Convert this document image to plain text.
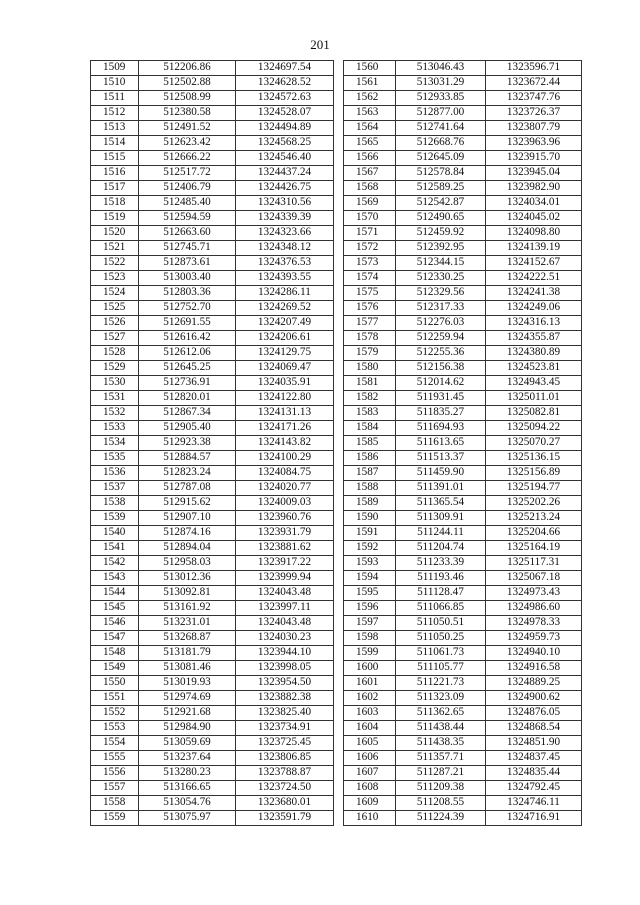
201
1509	512206.86	1324697.54
1510	512502.88	1324628.52
1511	512508.99	1324572.63
1512	512380.58	1324528.07
1513	512491.52	1324494.89
1514	512623.42	1324568.25
1515	512666.22	1324546.40
1516	512517.72	1324437.24
1517	512406.79	1324426.75
1518	512485.40	1324310.56
1519	512594.59	1324339.39
1520	512663.60	1324323.66
1521	512745.71	1324348.12
1522	512873.61	1324376.53
1523	513003.40	1324393.55
1524	512803.36	1324286.11
1525	512752.70	1324269.52
1526	512691.55	1324207.49
1527	512616.42	1324206.61
1528	512612.06	1324129.75
1529	512645.25	1324069.47
1530	512736.91	1324035.91
1531	512820.01	1324122.80
1532	512867.34	1324131.13
1533	512905.40	1324171.26
1534	512923.38	1324143.82
1535	512884.57	1324100.29
1536	512823.24	1324084.75
1537	512787.08	1324020.77
1538	512915.62	1324009.03
1539	512907.10	1323960.76
1540	512874.16	1323931.79
1541	512894.04	1323881.62
1542	512958.03	1323917.22
1543	513012.36	1323999.94
1544	513092.81	1324043.48
1545	513161.92	1323997.11
1546	513231.01	1324043.48
1547	513268.87	1324030.23
1548	513181.79	1323944.10
1549	513081.46	1323998.05
1550	513019.93	1323954.50
1551	512974.69	1323882.38
1552	512921.68	1323825.40
1553	512984.90	1323734.91
1554	513059.69	1323725.45
1555	513237.64	1323806.85
1556	513280.23	1323788.87
1557	513166.65	1323724.50
1558	513054.76	1323680.01
1559	513075.97	1323591.79
1560	513046.43	1323596.71
1561	513031.29	1323672.44
1562	512933.85	1323747.76
1563	512877.00	1323726.37
1564	512741.64	1323807.79
1565	512668.76	1323963.96
1566	512645.09	1323915.70
1567	512578.84	1323945.04
1568	512589.25	1323982.90
1569	512542.87	1324034.01
1570	512490.65	1324045.02
1571	512459.92	1324098.80
1572	512392.95	1324139.19
1573	512344.15	1324152.67
1574	512330.25	1324222.51
1575	512329.56	1324241.38
1576	512317.33	1324249.06
1577	512276.03	1324316.13
1578	512259.94	1324355.87
1579	512255.36	1324380.89
1580	512156.38	1324523.81
1581	512014.62	1324943.45
1582	511931.45	1325011.01
1583	511835.27	1325082.81
1584	511694.93	1325094.22
1585	511613.65	1325070.27
1586	511513.37	1325136.15
1587	511459.90	1325156.89
1588	511391.01	1325194.77
1589	511365.54	1325202.26
1590	511309.91	1325213.24
1591	511244.11	1325204.66
1592	511204.74	1325164.19
1593	511233.39	1325117.31
1594	511193.46	1325067.18
1595	511128.47	1324973.43
1596	511066.85	1324986.60
1597	511050.51	1324978.33
1598	511050.25	1324959.73
1599	511061.73	1324940.10
1600	511105.77	1324916.58
1601	511221.73	1324889.25
1602	511323.09	1324900.62
1603	511362.65	1324876.05
1604	511438.44	1324868.54
1605	511438.35	1324851.90
1606	511357.71	1324837.45
1607	511287.21	1324835.44
1608	511209.38	1324792.45
1609	511208.55	1324746.11
1610	511224.39	1324716.91
